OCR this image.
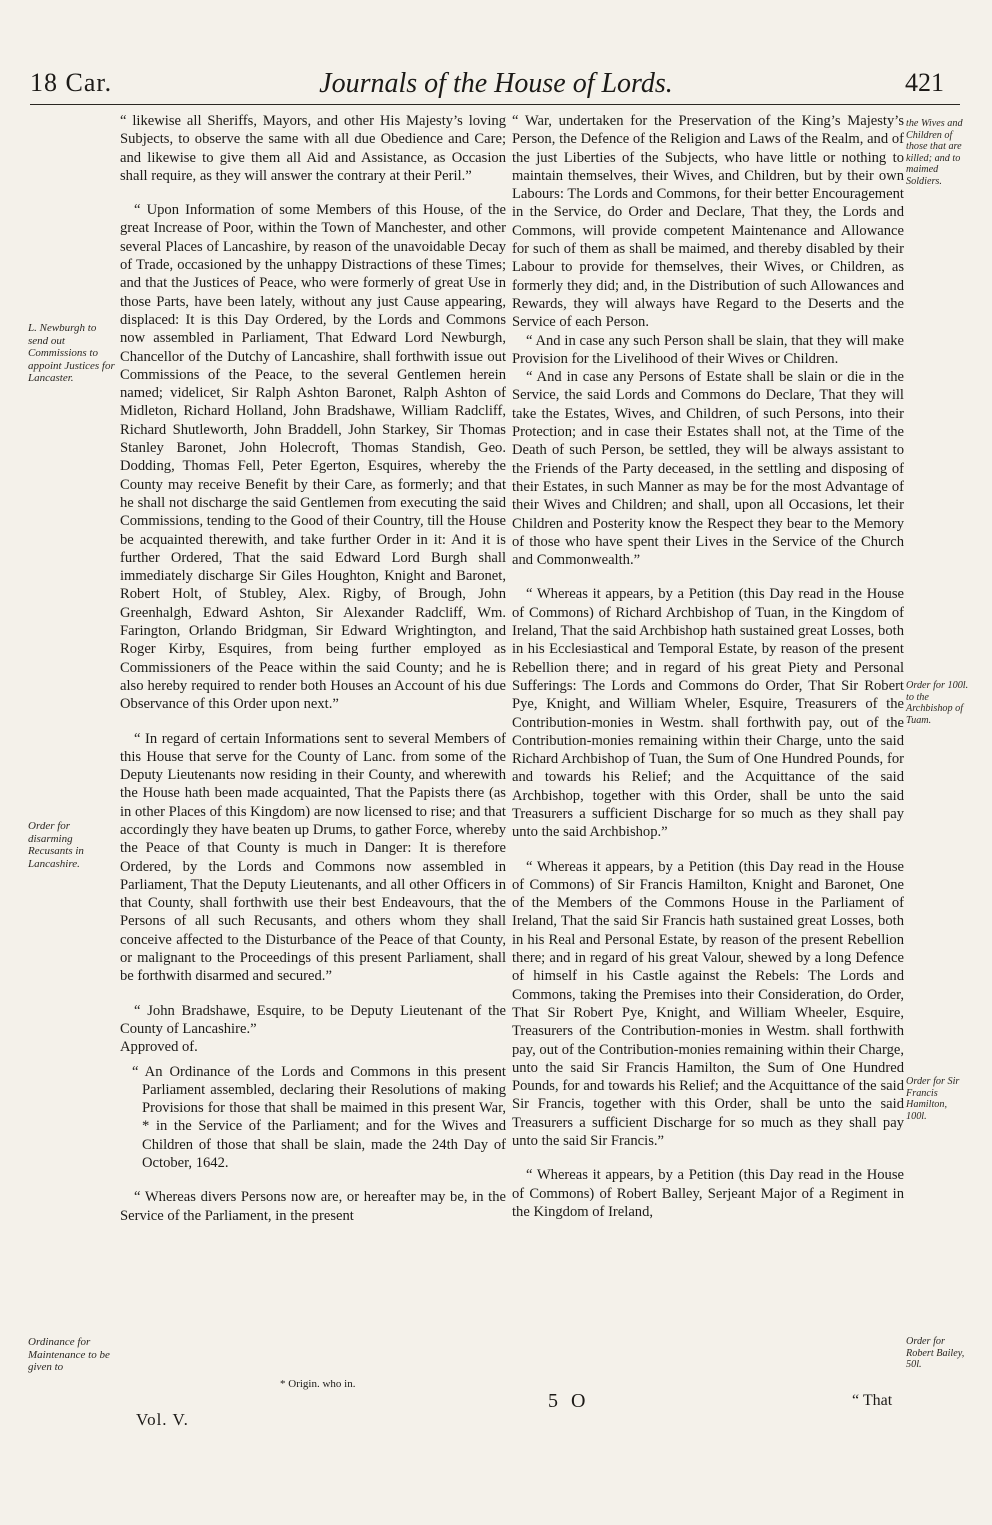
18 Car.	Journals of the House of Lords.	421
L. Newburgh to send out Commissions to appoint Justices for Lancaster.
Order for disarming Recusants in Lancashire.
Ordinance for Maintenance to be given to
the Wives and Children of those that are killed; and to maimed Soldiers.
Order for 100l. to the Archbishop of Tuam.
Order for Sir Francis Hamilton, 100l.
Order for Robert Bailey, 50l.

“ likewise all Sheriffs, Mayors, and other His Majesty’s loving Subjects, to observe the same with all due Obedience and Care; and likewise to give them all Aid and Assistance, as Occasion shall require, as they will answer the contrary at their Peril.”

“ Upon Information of some Members of this House, of the great Increase of Poor, within the Town of Manchester, and other several Places of Lancashire, by reason of the unavoidable Decay of Trade, occasioned by the unhappy Distractions of these Times; and that the Justices of Peace, who were formerly of great Use in those Parts, have been lately, without any just Cause appearing, displaced: It is this Day Ordered, by the Lords and Commons now assembled in Parliament, That Edward Lord Newburgh, Chancellor of the Dutchy of Lancashire, shall forthwith issue out Commissions of the Peace, to the several Gentlemen herein named; videlicet, Sir Ralph Ashton Baronet, Ralph Ashton of Midleton, Richard Holland, John Bradshawe, William Radcliff, Richard Shutleworth, John Braddell, John Starkey, Sir Thomas Stanley Baronet, John Holecroft, Thomas Standish, Geo. Dodding, Thomas Fell, Peter Egerton, Esquires, whereby the County may receive Benefit by their Care, as formerly; and that he shall not discharge the said Gentlemen from executing the said Commissions, tending to the Good of their Country, till the House be acquainted therewith, and take further Order in it: And it is further Ordered, That the said Edward Lord Burgh shall immediately discharge Sir Giles Houghton, Knight and Baronet, Robert Holt, of Stubley, Alex. Rigby, of Brough, John Greenhalgh, Edward Ashton, Sir Alexander Radcliff, Wm. Farington, Orlando Bridgman, Sir Edward Wrightington, and Roger Kirby, Esquires, from being further employed as Commissioners of the Peace within the said County; and he is also hereby required to render both Houses an Account of his due Observance of this Order upon next.”

“ In regard of certain Informations sent to several Members of this House that serve for the County of Lanc. from some of the Deputy Lieutenants now residing in their County, and wherewith the House hath been made acquainted, That the Papists there (as in other Places of this Kingdom) are now licensed to rise; and that accordingly they have beaten up Drums, to gather Force, whereby the Peace of that County is much in Danger: It is therefore Ordered, by the Lords and Commons now assembled in Parliament, That the Deputy Lieutenants, and all other Officers in that County, shall forthwith use their best Endeavours, that the Persons of all such Recusants, and others whom they shall conceive affected to the Disturbance of the Peace of that County, or malignant to the Proceedings of this present Parliament, shall be forthwith disarmed and secured.”

“ John Bradshawe, Esquire, to be Deputy Lieutenant of the County of Lancashire.”

Approved of.

“ An Ordinance of the Lords and Commons in this present Parliament assembled, declaring their Resolutions of making Provisions for those that shall be maimed in this present War, * in the Service of the Parliament; and for the Wives and Children of those that shall be slain, made the 24th Day of October, 1642.

“ Whereas divers Persons now are, or hereafter may be, in the Service of the Parliament, in the present

“ War, undertaken for the Preservation of the King’s Majesty’s Person, the Defence of the Religion and Laws of the Realm, and of the just Liberties of the Subjects, who have little or nothing to maintain themselves, their Wives, and Children, but by their own Labours: The Lords and Commons, for their better Encouragement in the Service, do Order and Declare, That they, the Lords and Commons, will provide competent Maintenance and Allowance for such of them as shall be maimed, and thereby disabled by their Labour to provide for themselves, their Wives, or Children, as formerly they did; and, in the Distribution of such Allowances and Rewards, they will always have Regard to the Deserts and the Service of each Person.

“ And in case any such Person shall be slain, that they will make Provision for the Livelihood of their Wives or Children.

“ And in case any Persons of Estate shall be slain or die in the Service, the said Lords and Commons do Declare, That they will take the Estates, Wives, and Children, of such Persons, into their Protection; and in case their Estates shall not, at the Time of the Death of such Person, be settled, they will be always assistant to the Friends of the Party deceased, in the settling and disposing of their Estates, in such Manner as may be for the most Advantage of their Wives and Children; and shall, upon all Occasions, let their Children and Posterity know the Respect they bear to the Memory of those who have spent their Lives in the Service of the Church and Commonwealth.”

“ Whereas it appears, by a Petition (this Day read in the House of Commons) of Richard Archbishop of Tuan, in the Kingdom of Ireland, That the said Archbishop hath sustained great Losses, both in his Ecclesiastical and Temporal Estate, by reason of the present Rebellion there; and in regard of his great Piety and Personal Sufferings: The Lords and Commons do Order, That Sir Robert Pye, Knight, and William Wheler, Esquire, Treasurers of the Contribution-monies in Westm. shall forthwith pay, out of the Contribution-monies remaining within their Charge, unto the said Richard Archbishop of Tuan, the Sum of One Hundred Pounds, for and towards his Relief; and the Acquittance of the said Archbishop, together with this Order, shall be unto the said Treasurers a sufficient Discharge for so much as they shall pay unto the said Archbishop.”

“ Whereas it appears, by a Petition (this Day read in the House of Commons) of Sir Francis Hamilton, Knight and Baronet, One of the Members of the Commons House in the Parliament of Ireland, That the said Sir Francis hath sustained great Losses, both in his Real and Personal Estate, by reason of the present Rebellion there; and in regard of his great Valour, shewed by a long Defence of himself in his Castle against the Rebels: The Lords and Commons, taking the Premises into their Consideration, do Order, That Sir Robert Pye, Knight, and William Wheeler, Esquire, Treasurers of the Contribution-monies in Westm. shall forthwith pay, out of the Contribution-monies remaining within their Charge, unto the said Sir Francis Hamilton, the Sum of One Hundred Pounds, for and towards his Relief; and the Acquittance of the said Sir Francis, together with this Order, shall be unto the said Treasurers a sufficient Discharge for so much as they shall pay unto the said Sir Francis.”

“ Whereas it appears, by a Petition (this Day read in the House of Commons) of Robert Balley, Serjeant Major of a Regiment in the Kingdom of Ireland,

* Origin. who in.
Vol. V.
5 O	“ That
